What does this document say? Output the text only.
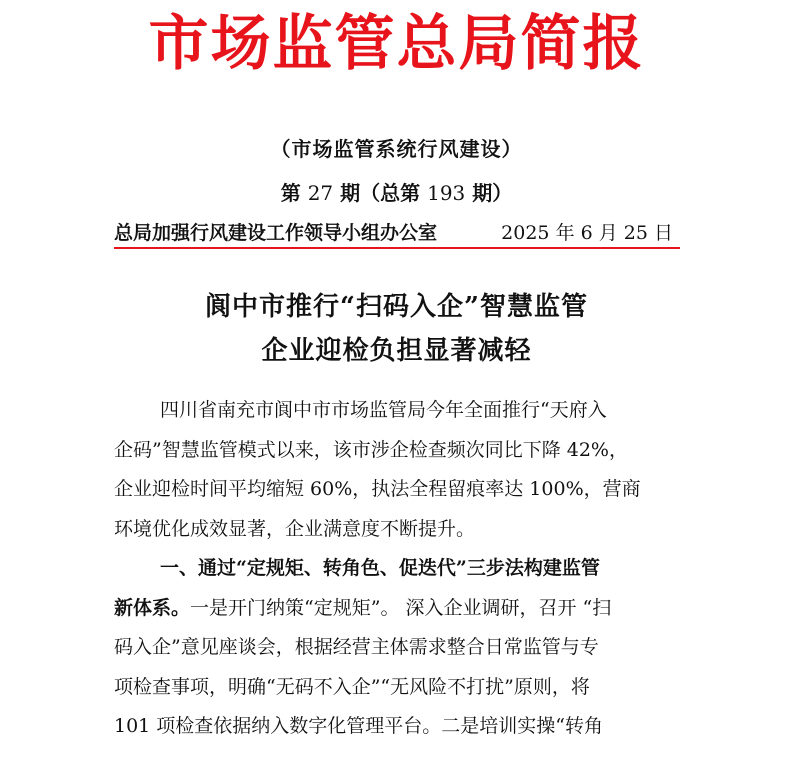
市场监管总局简报
（市场监管系统行风建设）
第 27 期（总第 193 期）
总局加强行风建设工作领导小组办公室	2025 年 6 月 25 日
阆中市推行“扫码入企”智慧监管
企业迎检负担显著减轻

四川省南充市阆中市市场监管局今年全面推行“天府入
企码”智慧监管模式以来，该市涉企检查频次同比下降 42%，
企业迎检时间平均缩短 60%，执法全程留痕率达 100%，营商
环境优化成效显著，企业满意度不断提升。

一、通过“定规矩、转角色、促迭代”三步法构建监管
新体系。一是开门纳策“定规矩”。 深入企业调研，召开 “扫
码入企”意见座谈会，根据经营主体需求整合日常监管与专
项检查事项，明确“无码不入企”“无风险不打扰”原则，将
101 项检查依据纳入数字化管理平台。二是培训实操“转角
